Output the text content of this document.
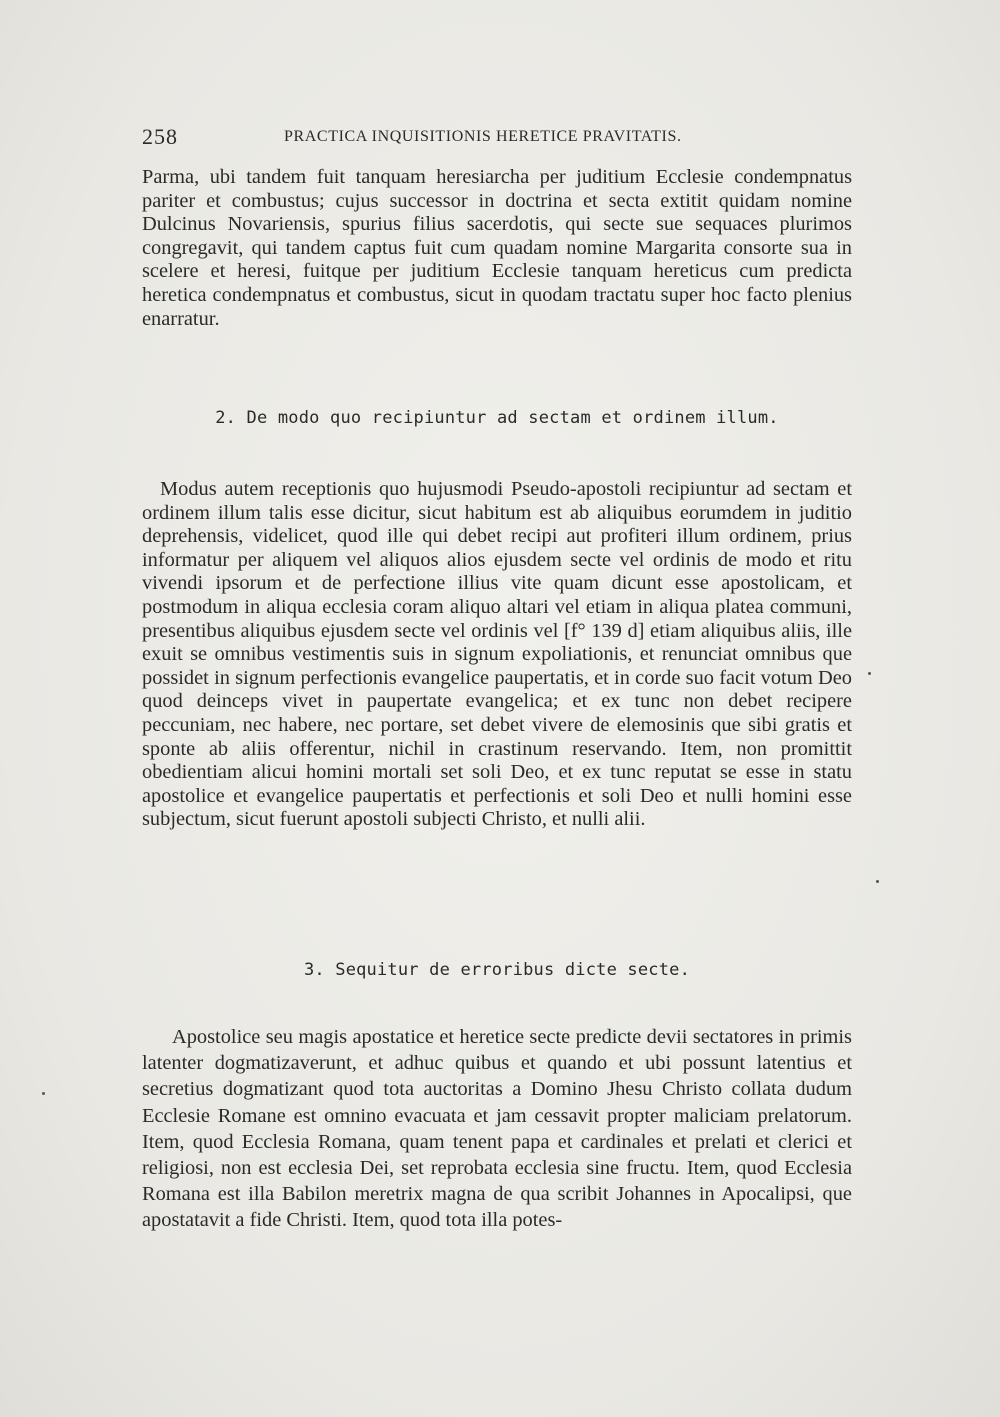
258	PRACTICA INQUISITIONIS HERETICE PRAVITATIS.

Parma, ubi tandem fuit tanquam heresiarcha per juditium Ecclesie condempnatus pariter et combustus; cujus successor in doctrina et secta extitit quidam nomine Dulcinus Novariensis, spurius filius sacerdotis, qui secte sue sequaces plurimos congregavit, qui tandem captus fuit cum quadam nomine Margarita consorte sua in scelere et heresi, fuitque per juditium Ecclesie tanquam hereticus cum predicta heretica condempnatus et combustus, sicut in quodam tractatu super hoc facto plenius enarratur.

2. De modo quo recipiuntur ad sectam et ordinem illum.

Modus autem receptionis quo hujusmodi Pseudo-apostoli recipiuntur ad sectam et ordinem illum talis esse dicitur, sicut habitum est ab aliquibus eorumdem in juditio deprehensis, videlicet, quod ille qui debet recipi aut profiteri illum ordinem, prius informatur per aliquem vel aliquos alios ejusdem secte vel ordinis de modo et ritu vivendi ipsorum et de perfectione illius vite quam dicunt esse apostolicam, et postmodum in aliqua ecclesia coram aliquo altari vel etiam in aliqua platea communi, presentibus aliquibus ejusdem secte vel ordinis vel [f° 139 d] etiam aliquibus aliis, ille exuit se omnibus vestimentis suis in signum expoliationis, et renunciat omnibus que possidet in signum perfectionis evangelice paupertatis, et in corde suo facit votum Deo quod deinceps vivet in paupertate evangelica; et ex tunc non debet recipere peccuniam, nec habere, nec portare, set debet vivere de elemosinis que sibi gratis et sponte ab aliis offerentur, nichil in crastinum reservando. Item, non promittit obedientiam alicui homini mortali set soli Deo, et ex tunc reputat se esse in statu apostolice et evangelice paupertatis et perfectionis et soli Deo et nulli homini esse subjectum, sicut fuerunt apostoli subjecti Christo, et nulli alii.

3. Sequitur de erroribus dicte secte.

Apostolice seu magis apostatice et heretice secte predicte devii sectatores in primis latenter dogmatizaverunt, et adhuc quibus et quando et ubi possunt latentius et secretius dogmatizant quod tota auctoritas a Domino Jhesu Christo collata dudum Ecclesie Romane est omnino evacuata et jam cessavit propter maliciam prelatorum. Item, quod Ecclesia Romana, quam tenent papa et cardinales et prelati et clerici et religiosi, non est ecclesia Dei, set reprobata ecclesia sine fructu. Item, quod Ecclesia Romana est illa Babilon meretrix magna de qua scribit Johannes in Apocalipsi, que apostatavit a fide Christi. Item, quod tota illa potes-
